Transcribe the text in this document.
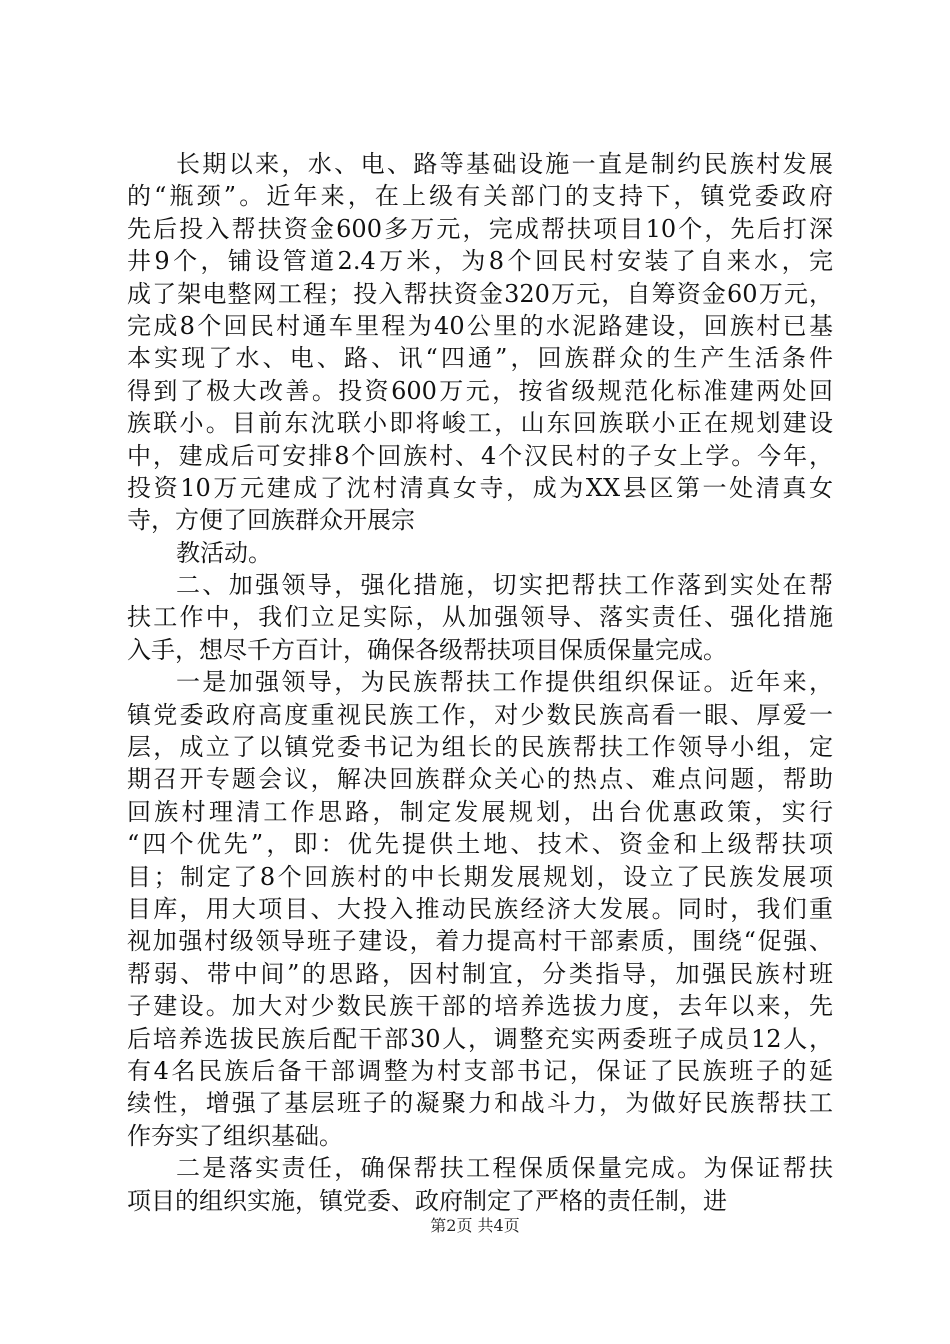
长期以来，水、电、路等基础设施一直是制约民族村发展
的“瓶颈”。近年来，在上级有关部门的支持下，镇党委政府
先后投入帮扶资金600多万元，完成帮扶项目10个，先后打深
井9个，铺设管道2.4万米，为8个回民村安装了自来水，完
成了架电整网工程；投入帮扶资金320万元，自筹资金60万元，
完成8个回民村通车里程为40公里的水泥路建设，回族村已基
本实现了水、电、路、讯“四通”，回族群众的生产生活条件
得到了极大改善。投资600万元，按省级规范化标准建两处回
族联小。目前东沈联小即将峻工，山东回族联小正在规划建设
中，建成后可安排8个回族村、4个汉民村的子女上学。今年，
投资10万元建成了沈村清真女寺，成为XX县区第一处清真女
寺，方便了回族群众开展宗
教活动。
二、加强领导，强化措施，切实把帮扶工作落到实处在帮
扶工作中，我们立足实际，从加强领导、落实责任、强化措施
入手，想尽千方百计，确保各级帮扶项目保质保量完成。
一是加强领导，为民族帮扶工作提供组织保证。近年来，
镇党委政府高度重视民族工作，对少数民族高看一眼、厚爱一
层，成立了以镇党委书记为组长的民族帮扶工作领导小组，定
期召开专题会议，解决回族群众关心的热点、难点问题，帮助
回族村理清工作思路，制定发展规划，出台优惠政策，实行
“四个优先”，即：优先提供土地、技术、资金和上级帮扶项
目；制定了8个回族村的中长期发展规划，设立了民族发展项
目库，用大项目、大投入推动民族经济大发展。同时，我们重
视加强村级领导班子建设，着力提高村干部素质，围绕“促强、
帮弱、带中间”的思路，因村制宜，分类指导，加强民族村班
子建设。加大对少数民族干部的培养选拔力度，去年以来，先
后培养选拔民族后配干部30人，调整充实两委班子成员12人，
有4名民族后备干部调整为村支部书记，保证了民族班子的延
续性，增强了基层班子的凝聚力和战斗力，为做好民族帮扶工
作夯实了组织基础。
二是落实责任，确保帮扶工程保质保量完成。为保证帮扶
项目的组织实施，镇党委、政府制定了严格的责任制，进
第2页 共4页
